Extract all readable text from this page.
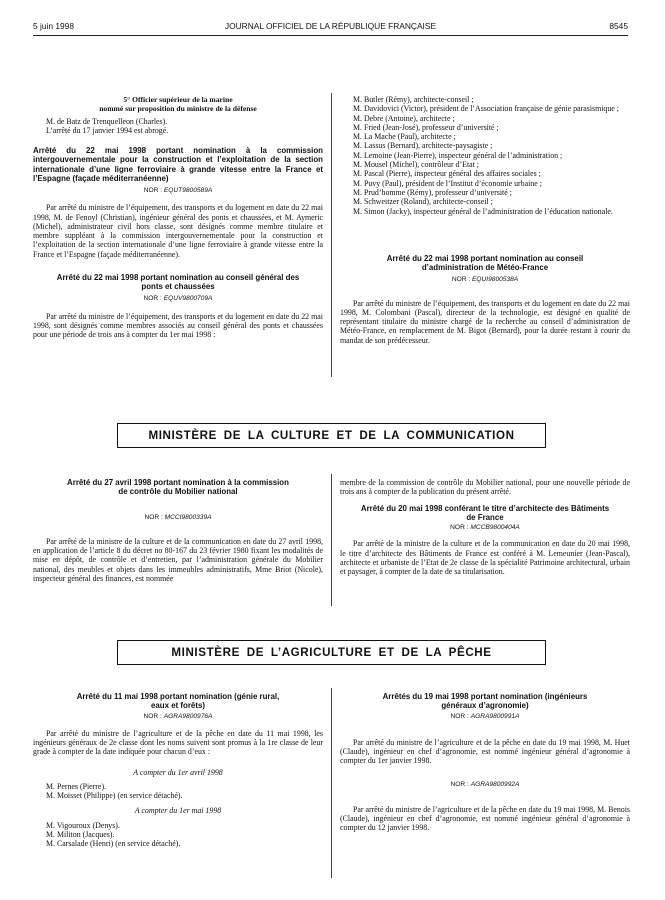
5 juin 1998	JOURNAL OFFICIEL DE LA RÉPUBLIQUE FRANÇAISE	8545
5° Officier supérieur de la marine
nommé sur proposition du ministre de la défense

M. de Batz de Trenquelleon (Charles).

L’arrêté du 17 janvier 1994 est abrogé.

Arrêté du 22 mai 1998 portant nomination à la commission intergouvernementale pour la construction et l’exploitation de la section internationale d’une ligne ferroviaire à grande vitesse entre la France et l’Espagne (façade méditerranéenne)
NOR : EQUT9800589A

Par arrêté du ministre de l’équipement, des transports et du logement en date du 22 mai 1998, M. de Fenoyl (Christian), ingénieur général des ponts et chaussées, et M. Aymeric (Michel), administrateur civil hors classe, sont désignés comme membre titulaire et membre suppléant à la commission intergouvernementale pour la construction et l’exploitation de la section internationale d’une ligne ferroviaire à grande vitesse entre la France et l’Espagne (façade méditerranéenne).

Arrêté du 22 mai 1998 portant nomination au conseil général des ponts et chaussées
NOR : EQUV9800709A

Par arrêté du ministre de l’équipement, des transports et du logement en date du 22 mai 1998, sont désignés comme membres associés au conseil général des ponts et chaussées pour une période de trois ans à compter du 1er mai 1998 :

M. Butler (Rémy), architecte-conseil ;

M. Davidovici (Victor), président de l’Association française de génie parasismique ;

M. Debre (Antoine), architecte ;

M. Fried (Jean-José), professeur d’université ;

M. La Mache (Paul), architecte ;

M. Lassus (Bernard), architecte-paysagiste ;

M. Lemoine (Jean-Pierre), inspecteur général de l’administration ;

M. Mousel (Michel), contrôleur d’Etat ;

M. Pascal (Pierre), inspecteur général des affaires sociales ;

M. Puvy (Paul), président de l’Institut d’économie urbaine ;

M. Prud’homme (Rémy), professeur d’université ;

M. Schweitzer (Roland), architecte-conseil ;

M. Simon (Jacky), inspecteur général de l’administration de l’éducation nationale.

Arrêté du 22 mai 1998 portant nomination au conseil d’administration de Météo-France
NOR : EQUI9800538A

Par arrêté du ministre de l’équipement, des transports et du logement en date du 22 mai 1998, M. Colombani (Pascal), directeur de la technologie, est désigné en qualité de représentant titulaire du ministre chargé de la recherche au conseil d’administration de Météo-France, en remplacement de M. Bigot (Bernard), pour la durée restant à courir du mandat de son prédécesseur.

MINISTÈRE DE LA CULTURE ET DE LA COMMUNICATION
Arrêté du 27 avril 1998 portant nomination à la commission de contrôle du Mobilier national
NOR : MCCI9800339A

Par arrêté de la ministre de la culture et de la communication en date du 27 avril 1998, en application de l’article 8 du décret no 80-167 du 23 février 1980 fixant les modalités de mise en dépôt, de contrôle et d’entretien, par l’administration générale du Mobilier national, des meubles et objets dans les immeubles administratifs, Mme Briot (Nicole), inspecteur général des finances, est nommée

membre de la commission de contrôle du Mobilier national, pour une nouvelle période de trois ans à compter de la publication du présent arrêté.

Arrêté du 20 mai 1998 conférant le titre d’architecte des Bâtiments de France
NOR : MCCB9800404A

Par arrêté de la ministre de la culture et de la communication en date du 20 mai 1998, le titre d’architecte des Bâtiments de France est conféré à M. Lemeunier (Jean-Pascal), architecte et urbaniste de l’Etat de 2e classe de la spécialité Patrimoine architectural, urbain et paysager, à compter de la date de sa titularisation.

MINISTÈRE DE L’AGRICULTURE ET DE LA PÊCHE
Arrêté du 11 mai 1998 portant nomination (génie rural, eaux et forêts)
NOR : AGRA9800976A

Par arrêté du ministre de l’agriculture et de la pêche en date du 11 mai 1998, les ingénieurs généraux de 2e classe dont les noms suivent sont promus à la 1re classe de leur grade à compter de la date indiquée pour chacun d’eux :

A compter du 1er avril 1998

M. Pernes (Pierre).

M. Moisset (Philippe) (en service détaché).

A compter du 1er mai 1998

M. Vigouroux (Denys).

M. Militon (Jacques).

M. Carsalade (Henri) (en service détaché).

Arrêtés du 19 mai 1998 portant nomination (ingénieurs généraux d’agronomie)
NOR : AGRA9800991A

Par arrêté du ministre de l’agriculture et de la pêche en date du 19 mai 1998, M. Huet (Claude), ingénieur en chef d’agronomie, est nommé ingénieur général d’agronomie à compter du 1er janvier 1998.

NOR : AGRA9800992A

Par arrêté du ministre de l’agriculture et de la pêche en date du 19 mai 1998, M. Benois (Claude), ingénieur en chef d’agronomie, est nommé ingénieur général d’agronomie à compter du 12 janvier 1998.
